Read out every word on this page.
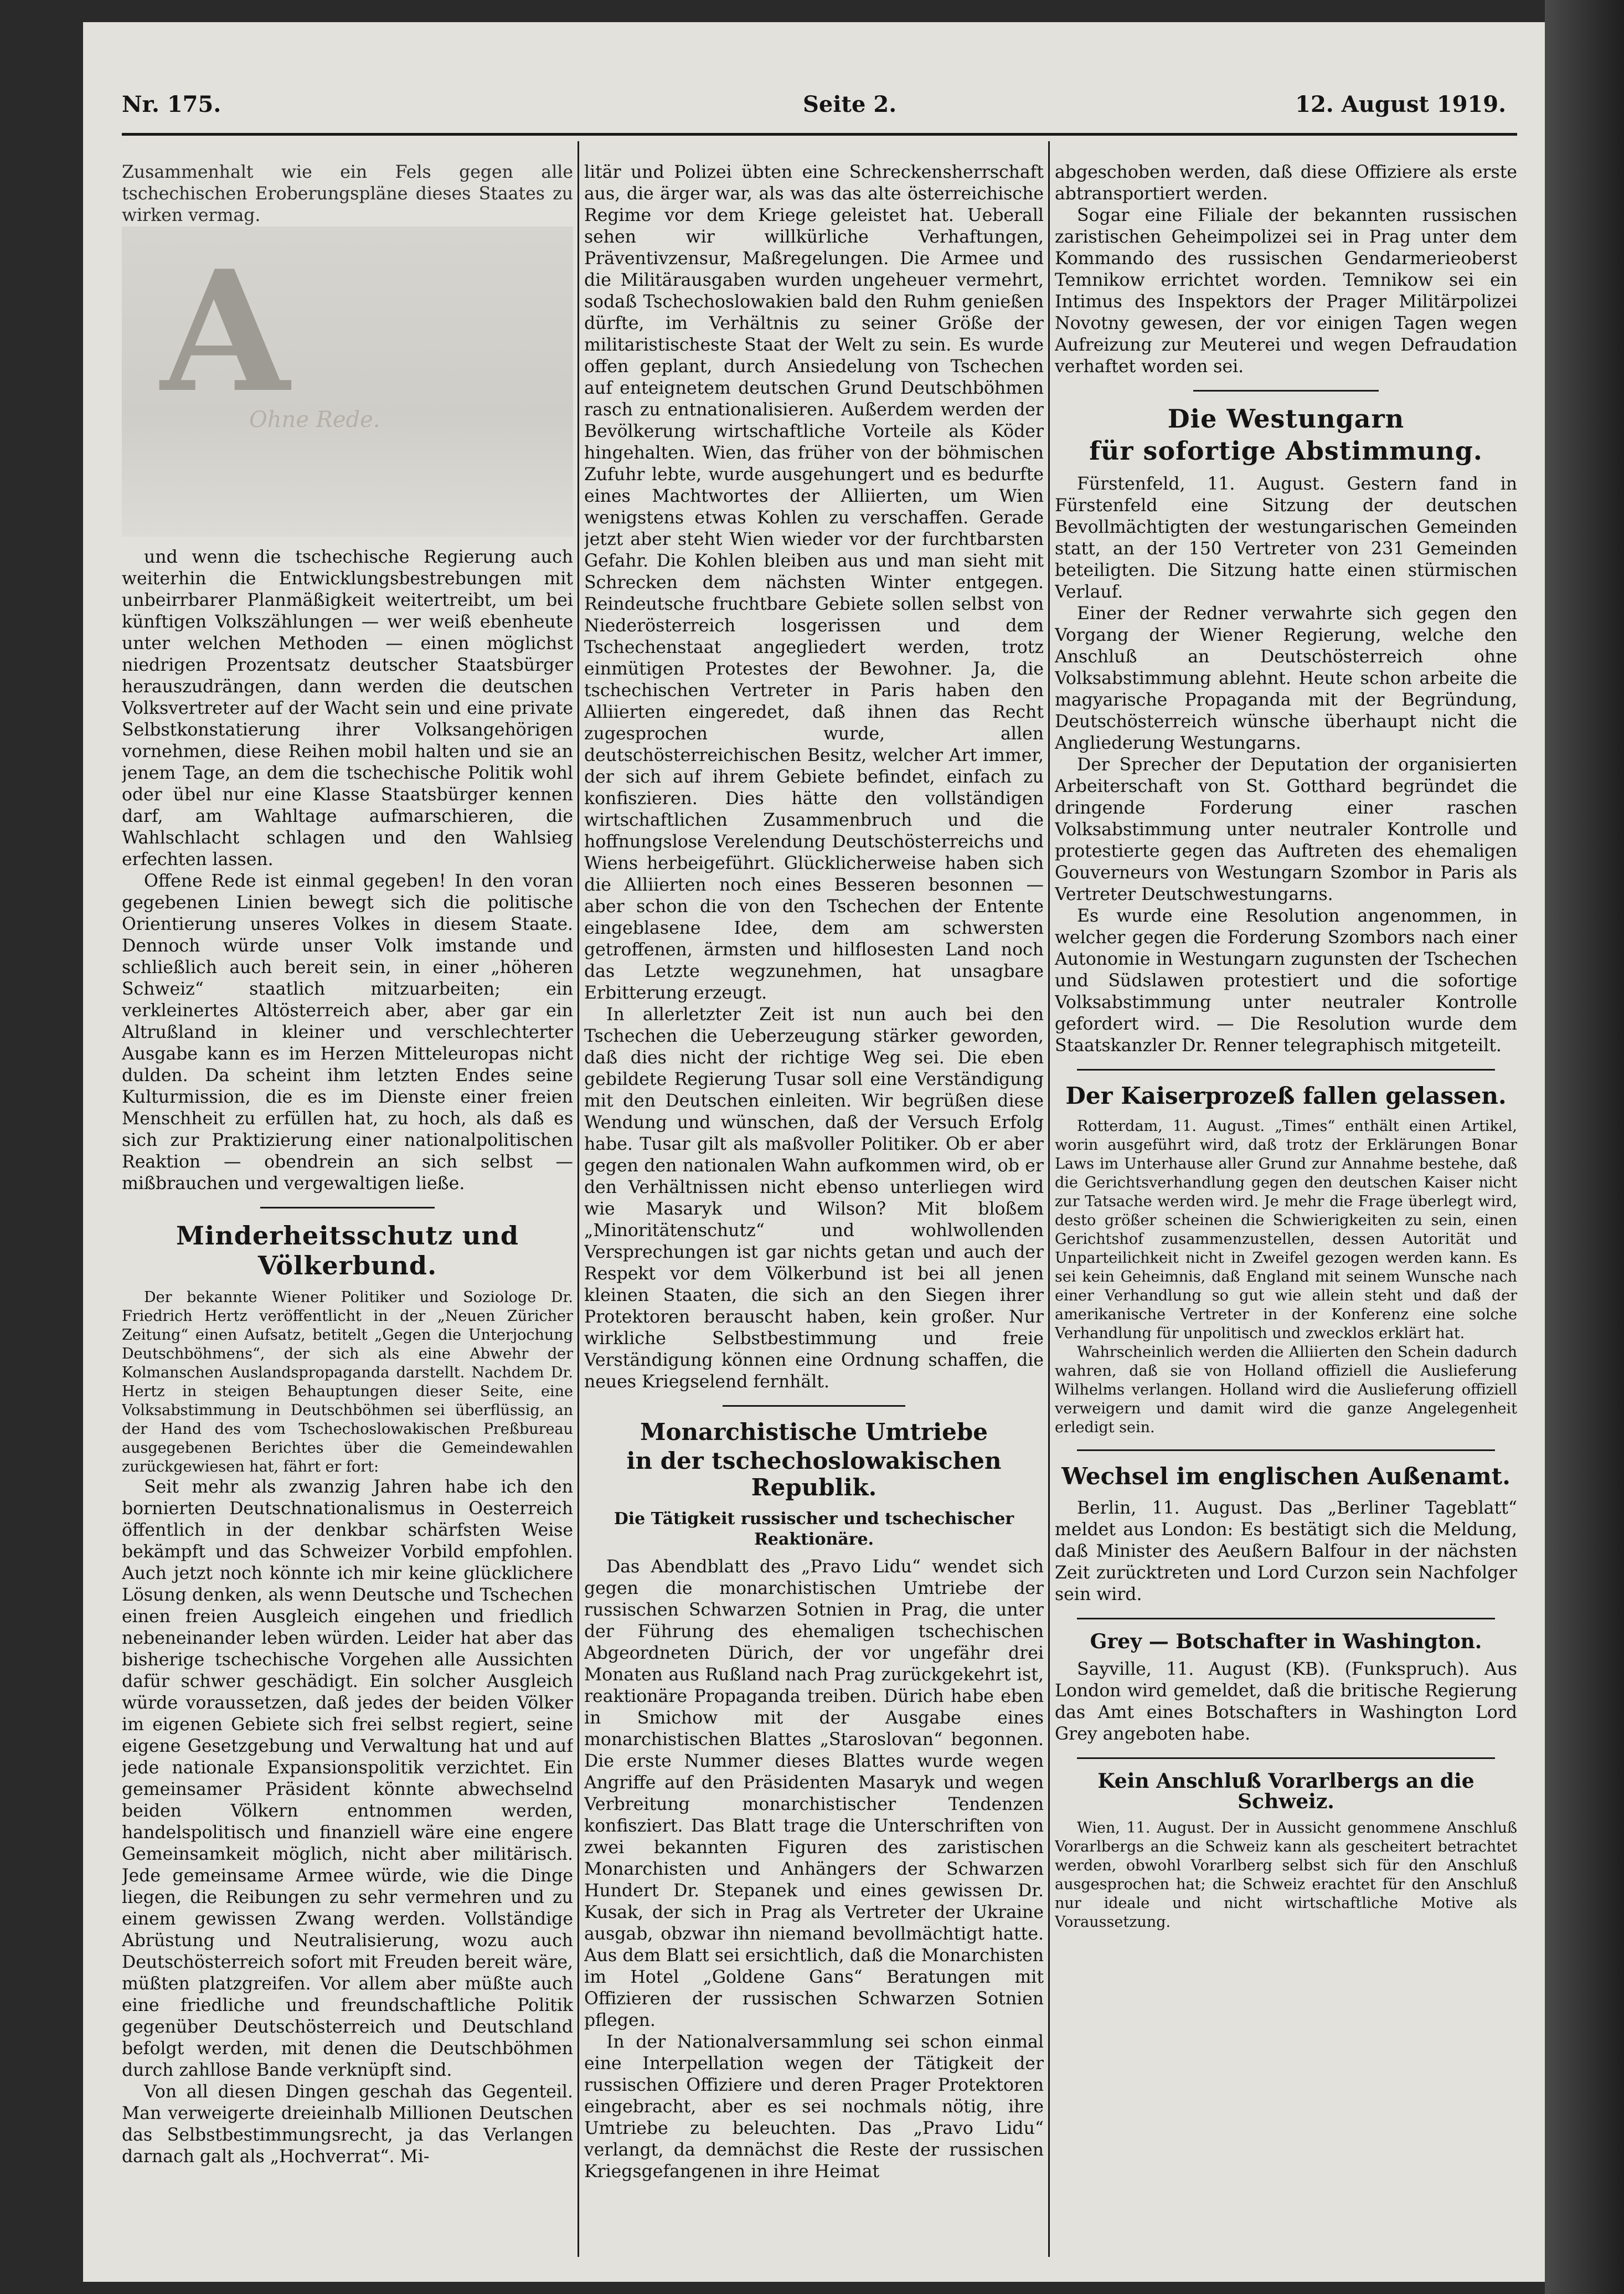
Nr. 175.	Seite 2.	12. August 1919.

Zusammenhalt wie ein Fels gegen alle tschechischen Eroberungspläne dieses Staates zu wirken vermag.

A
Ohne Rede.

und wenn die tschechische Regierung auch weiterhin die Entwicklungsbestrebungen mit unbeirrbarer Planmäßigkeit weitertreibt, um bei künftigen Volkszählungen — wer weiß ebenheute unter welchen Methoden — einen möglichst niedrigen Prozentsatz deutscher Staatsbürger herauszudrängen, dann werden die deutschen Volksvertreter auf der Wacht sein und eine private Selbstkonstatierung ihrer Volksangehörigen vornehmen, diese Reihen mobil halten und sie an jenem Tage, an dem die tschechische Politik wohl oder übel nur eine Klasse Staatsbürger kennen darf, am Wahltage aufmarschieren, die Wahlschlacht schlagen und den Wahlsieg erfechten lassen.

Offene Rede ist einmal gegeben! In den voran gegebenen Linien bewegt sich die politische Orientierung unseres Volkes in diesem Staate. Dennoch würde unser Volk imstande und schließlich auch bereit sein, in einer „höheren Schweiz“ staatlich mitzuarbeiten; ein verkleinertes Altösterreich aber, aber gar ein Altrußland in kleiner und verschlechterter Ausgabe kann es im Herzen Mitteleuropas nicht dulden. Da scheint ihm letzten Endes seine Kulturmission, die es im Dienste einer freien Menschheit zu erfüllen hat, zu hoch, als daß es sich zur Praktizierung einer nationalpolitischen Reaktion — obendrein an sich selbst — mißbrauchen und vergewaltigen ließe.

Minderheitsschutz und Völkerbund.

Der bekannte Wiener Politiker und Soziologe Dr. Friedrich Hertz veröffentlicht in der „Neuen Züricher Zeitung“ einen Aufsatz, betitelt „Gegen die Unterjochung Deutschböhmens“, der sich als eine Abwehr der Kolmanschen Auslandspropaganda darstellt. Nachdem Dr. Hertz in steigen Behauptungen dieser Seite, eine Volksabstimmung in Deutschböhmen sei überflüssig, an der Hand des vom Tschechoslowakischen Preßbureau ausgegebenen Berichtes über die Gemeindewahlen zurückgewiesen hat, fährt er fort:

Seit mehr als zwanzig Jahren habe ich den bornierten Deutschnationalismus in Oesterreich öffentlich in der denkbar schärfsten Weise bekämpft und das Schweizer Vorbild empfohlen. Auch jetzt noch könnte ich mir keine glücklichere Lösung denken, als wenn Deutsche und Tschechen einen freien Ausgleich eingehen und friedlich nebeneinander leben würden. Leider hat aber das bisherige tschechische Vorgehen alle Aussichten dafür schwer geschädigt. Ein solcher Ausgleich würde voraussetzen, daß jedes der beiden Völker im eigenen Gebiete sich frei selbst regiert, seine eigene Gesetzgebung und Verwaltung hat und auf jede nationale Expansionspolitik verzichtet. Ein gemeinsamer Präsident könnte abwechselnd beiden Völkern entnommen werden, handelspolitisch und finanziell wäre eine engere Gemeinsamkeit möglich, nicht aber militärisch. Jede gemeinsame Armee würde, wie die Dinge liegen, die Reibungen zu sehr vermehren und zu einem gewissen Zwang werden. Vollständige Abrüstung und Neutralisierung, wozu auch Deutschösterreich sofort mit Freuden bereit wäre, müßten platzgreifen. Vor allem aber müßte auch eine friedliche und freundschaftliche Politik gegenüber Deutschösterreich und Deutschland befolgt werden, mit denen die Deutschböhmen durch zahllose Bande verknüpft sind.

Von all diesen Dingen geschah das Gegenteil. Man verweigerte dreieinhalb Millionen Deutschen das Selbstbestimmungsrecht, ja das Verlangen darnach galt als „Hochverrat“. Mi-

litär und Polizei übten eine Schreckensherrschaft aus, die ärger war, als was das alte österreichische Regime vor dem Kriege geleistet hat. Ueberall sehen wir willkürliche Verhaftungen, Präventivzensur, Maßregelungen. Die Armee und die Militärausgaben wurden ungeheuer vermehrt, sodaß Tschechoslowakien bald den Ruhm genießen dürfte, im Verhältnis zu seiner Größe der militaristischeste Staat der Welt zu sein. Es wurde offen geplant, durch Ansiedelung von Tschechen auf enteignetem deutschen Grund Deutschböhmen rasch zu entnationalisieren. Außerdem werden der Bevölkerung wirtschaftliche Vorteile als Köder hingehalten. Wien, das früher von der böhmischen Zufuhr lebte, wurde ausgehungert und es bedurfte eines Machtwortes der Alliierten, um Wien wenigstens etwas Kohlen zu verschaffen. Gerade jetzt aber steht Wien wieder vor der furchtbarsten Gefahr. Die Kohlen bleiben aus und man sieht mit Schrecken dem nächsten Winter entgegen. Reindeutsche fruchtbare Gebiete sollen selbst von Niederösterreich losgerissen und dem Tschechenstaat angegliedert werden, trotz einmütigen Protestes der Bewohner. Ja, die tschechischen Vertreter in Paris haben den Alliierten eingeredet, daß ihnen das Recht zugesprochen wurde, allen deutschösterreichischen Besitz, welcher Art immer, der sich auf ihrem Gebiete befindet, einfach zu konfiszieren. Dies hätte den vollständigen wirtschaftlichen Zusammenbruch und die hoffnungslose Verelendung Deutschösterreichs und Wiens herbeigeführt. Glücklicherweise haben sich die Alliierten noch eines Besseren besonnen — aber schon die von den Tschechen der Entente eingeblasene Idee, dem am schwersten getroffenen, ärmsten und hilflosesten Land noch das Letzte wegzunehmen, hat unsagbare Erbitterung erzeugt.

In allerletzter Zeit ist nun auch bei den Tschechen die Ueberzeugung stärker geworden, daß dies nicht der richtige Weg sei. Die eben gebildete Regierung Tusar soll eine Verständigung mit den Deutschen einleiten. Wir begrüßen diese Wendung und wünschen, daß der Versuch Erfolg habe. Tusar gilt als maßvoller Politiker. Ob er aber gegen den nationalen Wahn aufkommen wird, ob er den Verhältnissen nicht ebenso unterliegen wird wie Masaryk und Wilson? Mit bloßem „Minoritätenschutz“ und wohlwollenden Versprechungen ist gar nichts getan und auch der Respekt vor dem Völkerbund ist bei all jenen kleinen Staaten, die sich an den Siegen ihrer Protektoren berauscht haben, kein großer. Nur wirkliche Selbstbestimmung und freie Verständigung können eine Ordnung schaffen, die neues Kriegselend fernhält.

Monarchistische Umtriebe
in der tschechoslowakischen Republik.
Die Tätigkeit russischer und tschechischer Reaktionäre.

Das Abendblatt des „Pravo Lidu“ wendet sich gegen die monarchistischen Umtriebe der russischen Schwarzen Sotnien in Prag, die unter der Führung des ehemaligen tschechischen Abgeordneten Dürich, der vor ungefähr drei Monaten aus Rußland nach Prag zurückgekehrt ist, reaktionäre Propaganda treiben. Dürich habe eben in Smichow mit der Ausgabe eines monarchistischen Blattes „Staroslovan“ begonnen. Die erste Nummer dieses Blattes wurde wegen Angriffe auf den Präsidenten Masaryk und wegen Verbreitung monarchistischer Tendenzen konfisziert. Das Blatt trage die Unterschriften von zwei bekannten Figuren des zaristischen Monarchisten und Anhängers der Schwarzen Hundert Dr. Stepanek und eines gewissen Dr. Kusak, der sich in Prag als Vertreter der Ukraine ausgab, obzwar ihn niemand bevollmächtigt hatte. Aus dem Blatt sei ersichtlich, daß die Monarchisten im Hotel „Goldene Gans“ Beratungen mit Offizieren der russischen Schwarzen Sotnien pflegen.

In der Nationalversammlung sei schon einmal eine Interpellation wegen der Tätigkeit der russischen Offiziere und deren Prager Protektoren eingebracht, aber es sei nochmals nötig, ihre Umtriebe zu beleuchten. Das „Pravo Lidu“ verlangt, da demnächst die Reste der russischen Kriegsgefangenen in ihre Heimat

abgeschoben werden, daß diese Offiziere als erste abtransportiert werden.

Sogar eine Filiale der bekannten russischen zaristischen Geheimpolizei sei in Prag unter dem Kommando des russischen Gendarmerieoberst Temnikow errichtet worden. Temnikow sei ein Intimus des Inspektors der Prager Militärpolizei Novotny gewesen, der vor einigen Tagen wegen Aufreizung zur Meuterei und wegen Defraudation verhaftet worden sei.

Die Westungarn
für sofortige Abstimmung.

Fürstenfeld, 11. August. Gestern fand in Fürstenfeld eine Sitzung der deutschen Bevollmächtigten der westungarischen Gemeinden statt, an der 150 Vertreter von 231 Gemeinden beteiligten. Die Sitzung hatte einen stürmischen Verlauf.

Einer der Redner verwahrte sich gegen den Vorgang der Wiener Regierung, welche den Anschluß an Deutschösterreich ohne Volksabstimmung ablehnt. Heute schon arbeite die magyarische Propaganda mit der Begründung, Deutschösterreich wünsche überhaupt nicht die Angliederung Westungarns.

Der Sprecher der Deputation der organisierten Arbeiterschaft von St. Gotthard begründet die dringende Forderung einer raschen Volksabstimmung unter neutraler Kontrolle und protestierte gegen das Auftreten des ehemaligen Gouverneurs von Westungarn Szombor in Paris als Vertreter Deutschwestungarns.

Es wurde eine Resolution angenommen, in welcher gegen die Forderung Szombors nach einer Autonomie in Westungarn zugunsten der Tschechen und Südslawen protestiert und die sofortige Volksabstimmung unter neutraler Kontrolle gefordert wird. — Die Resolution wurde dem Staatskanzler Dr. Renner telegraphisch mitgeteilt.

Der Kaiserprozeß fallen gelassen.

Rotterdam, 11. August. „Times“ enthält einen Artikel, worin ausgeführt wird, daß trotz der Erklärungen Bonar Laws im Unterhause aller Grund zur Annahme bestehe, daß die Gerichtsverhandlung gegen den deutschen Kaiser nicht zur Tatsache werden wird. Je mehr die Frage überlegt wird, desto größer scheinen die Schwierigkeiten zu sein, einen Gerichtshof zusammenzustellen, dessen Autorität und Unparteilichkeit nicht in Zweifel gezogen werden kann. Es sei kein Geheimnis, daß England mit seinem Wunsche nach einer Verhandlung so gut wie allein steht und daß der amerikanische Vertreter in der Konferenz eine solche Verhandlung für unpolitisch und zwecklos erklärt hat.

Wahrscheinlich werden die Alliierten den Schein dadurch wahren, daß sie von Holland offiziell die Auslieferung Wilhelms verlangen. Holland wird die Auslieferung offiziell verweigern und damit wird die ganze Angelegenheit erledigt sein.

Wechsel im englischen Außenamt.

Berlin, 11. August. Das „Berliner Tageblatt“ meldet aus London: Es bestätigt sich die Meldung, daß Minister des Aeußern Balfour in der nächsten Zeit zurücktreten und Lord Curzon sein Nachfolger sein wird.

Grey — Botschafter in Washington.

Sayville, 11. August (KB). (Funkspruch). Aus London wird gemeldet, daß die britische Regierung das Amt eines Botschafters in Washington Lord Grey angeboten habe.

Kein Anschluß Vorarlbergs an die Schweiz.

Wien, 11. August. Der in Aussicht genommene Anschluß Vorarlbergs an die Schweiz kann als gescheitert betrachtet werden, obwohl Vorarlberg selbst sich für den Anschluß ausgesprochen hat; die Schweiz erachtet für den Anschluß nur ideale und nicht wirtschaftliche Motive als Voraussetzung.
